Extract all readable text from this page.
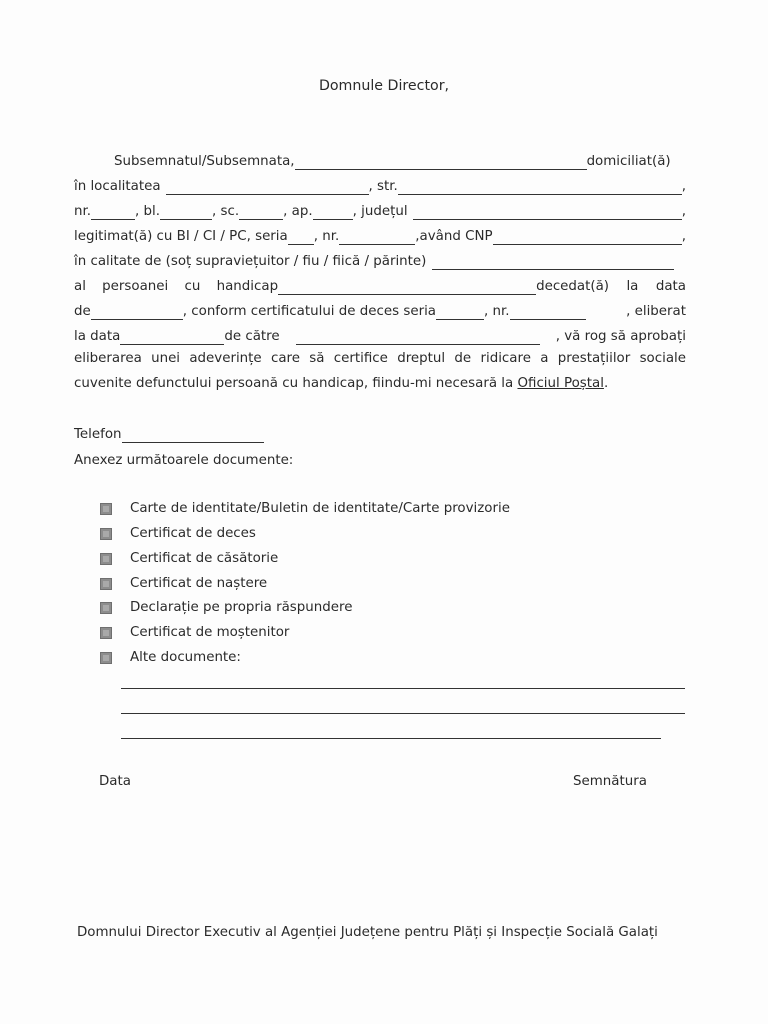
Domnule Director,
Subsemnatul/Subsemnata,	domiciliat(ă)
în localitatea	, str.	,
nr.	, bl.	, sc.	, ap.	, județul	,
legitimat(ă) cu BI / CI / PC, seria , nr.	,având CNP	,
în calitate de (soț supraviețuitor / fiu / fiică / părinte)
al persoanei cu handicap	decedat(ă) la data
de	, conform certificatului de deces seria	, nr.	, eliberat
la data	de către	, vă rog să aprobați
eliberarea unei adeverințe care să certifice dreptul de ridicare a prestațiilor sociale
cuvenite defunctului persoană cu handicap, fiindu-mi necesară la Oficiul Poștal.
Telefon
Anexez următoarele documente:
Carte de identitate/Buletin de identitate/Carte provizorie
Certificat de deces
Certificat de căsătorie
Certificat de naștere
Declarație pe propria răspundere
Certificat de moștenitor
Alte documente:
Data	Semnătura
Domnului Director Executiv al Agenției Județene pentru Plăți și Inspecție Socială Galați
